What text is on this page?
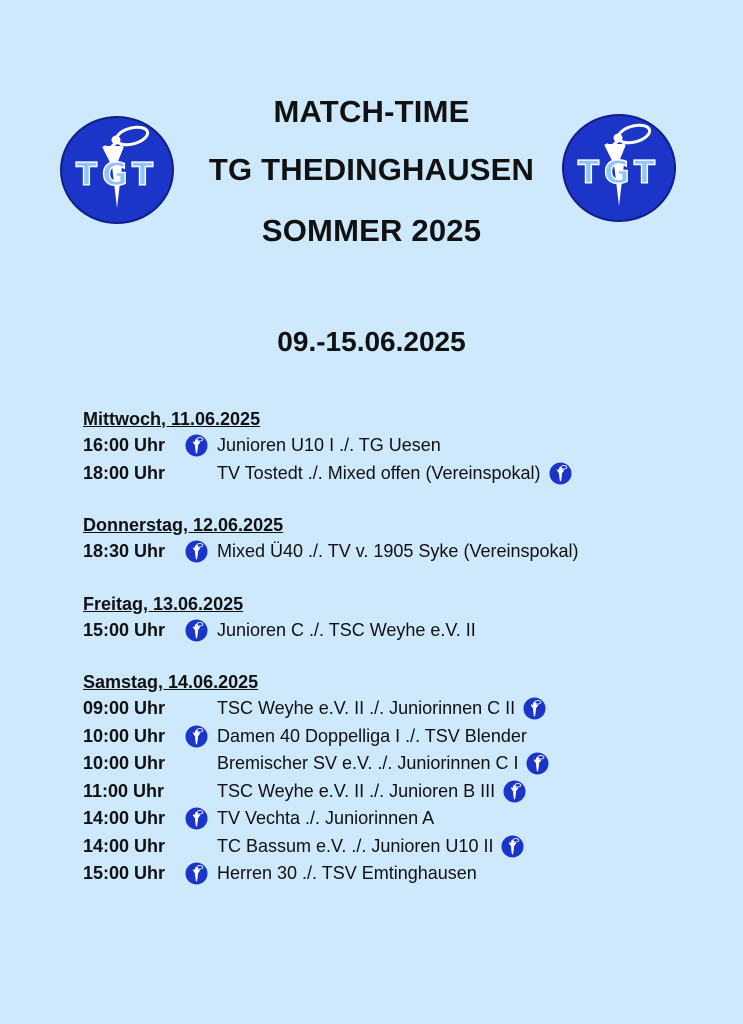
TGT	TGT
MATCH-TIME
TG THEDINGHAUSEN
SOMMER 2025
09.-15.06.2025
Mittwoch, 11.06.2025
16:00 Uhr	Junioren U10 I ./. TG Uesen
18:00 Uhr	TV Tostedt ./. Mixed offen (Vereinspokal)
Donnerstag, 12.06.2025
18:30 Uhr	Mixed Ü40 ./. TV v. 1905 Syke (Vereinspokal)
Freitag, 13.06.2025
15:00 Uhr	Junioren C ./. TSC Weyhe e.V. II
Samstag, 14.06.2025
09:00 Uhr	TSC Weyhe e.V. II ./. Juniorinnen C II
10:00 Uhr	Damen 40 Doppelliga I ./. TSV Blender
10:00 Uhr	Bremischer SV e.V. ./. Juniorinnen C I
11:00 Uhr	TSC Weyhe e.V. II ./. Junioren B III
14:00 Uhr	TV Vechta ./. Juniorinnen A
14:00 Uhr	TC Bassum e.V. ./. Junioren U10 II
15:00 Uhr	Herren 30 ./. TSV Emtinghausen
